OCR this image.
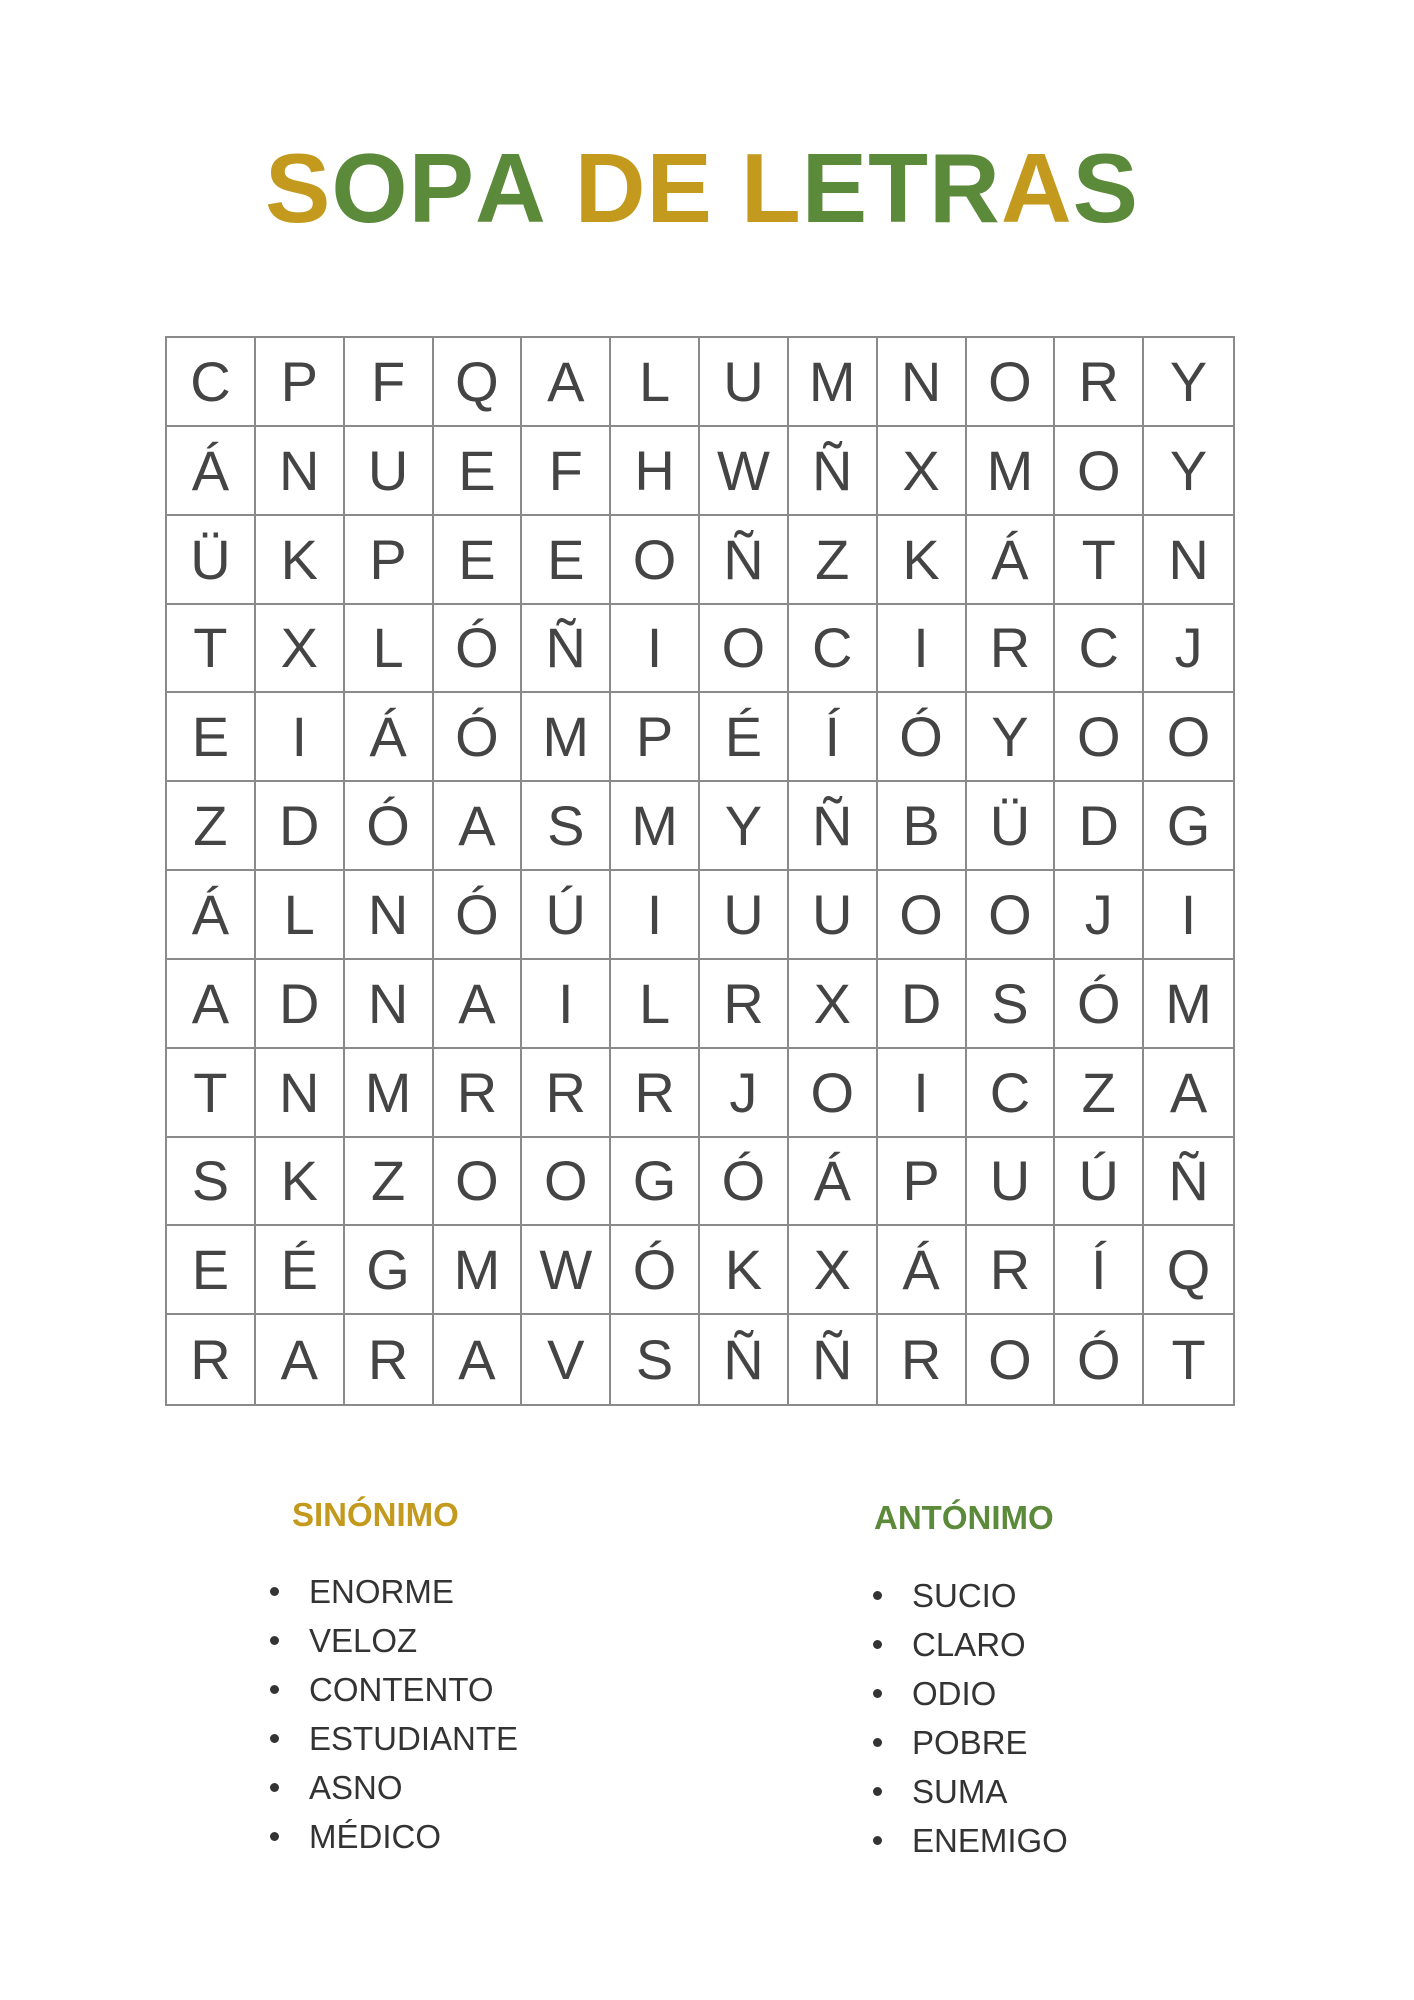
SOPA DE LETRAS
C P F Q A L U M N O R Y
Á N U E F H W Ñ X M O Y
Ü K P E E O Ñ Z K Á T N
T X L Ó Ñ	I	O C	I	R C J
E	I	Á Ó M P É	Í	Ó Y O O
Z D Ó A S M Y Ñ B Ü D G
Á L N Ó Ú	I	U U O O J	I
A D N A	I	L R X D S Ó M
T N M R R R J O	I	C Z A
S K Z O O G Ó Á P U Ú Ñ
E É G M W Ó K X Á R	Í	Q
R A R A V S Ñ Ñ R O Ó T
SINÓNIMO
ENORME
VELOZ
CONTENTO
ESTUDIANTE
ASNO
MÉDICO
ANTÓNIMO
SUCIO
CLARO
ODIO
POBRE
SUMA
ENEMIGO
